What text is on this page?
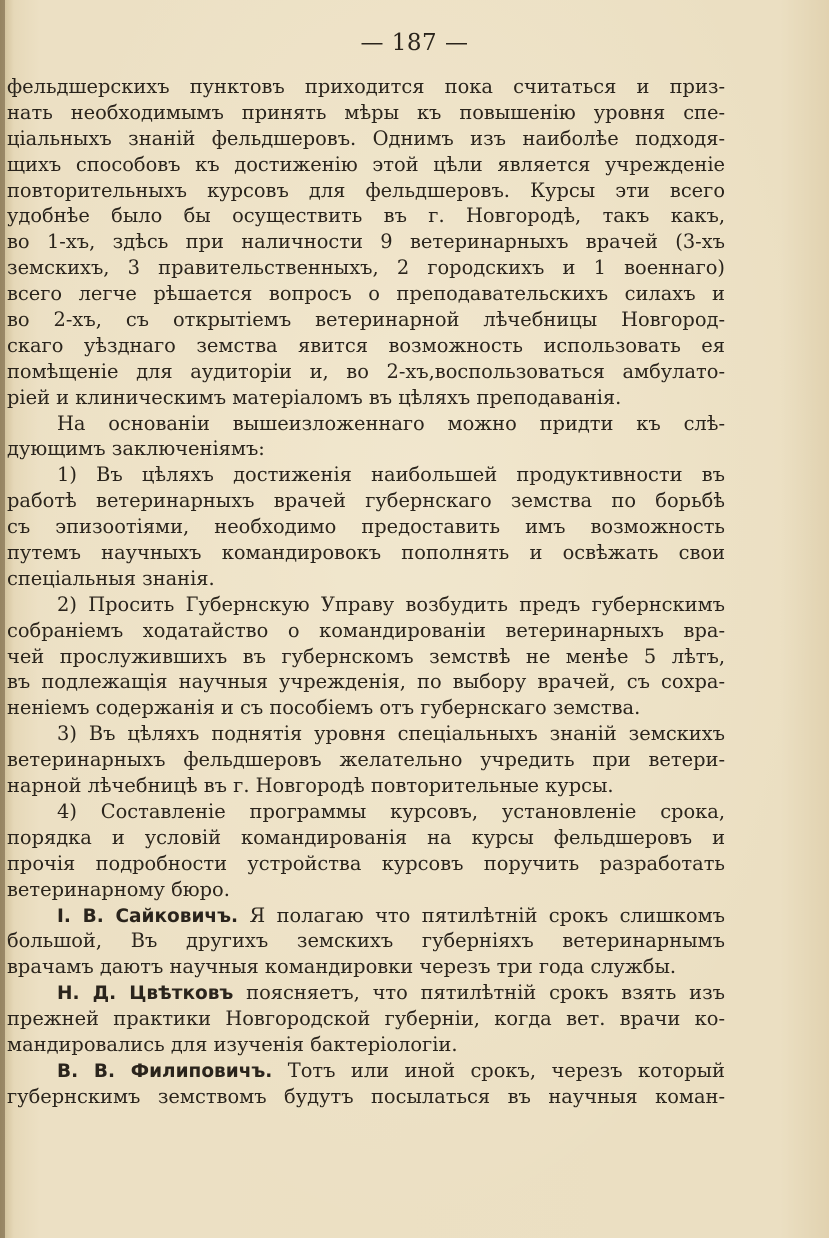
— 187 —
фельдшерскихъ пунктовъ приходится пока считаться и приз-
нать необходимымъ принять мѣры къ повышенію уровня спе-
ціальныхъ знаній фельдшеровъ. Однимъ изъ наиболѣе подходя-
щихъ способовъ къ достиженію этой цѣли является учрежденіе
повторительныхъ курсовъ для фельдшеровъ. Курсы эти всего
удобнѣе было бы осуществить въ г. Новгородѣ, такъ какъ,
во 1-хъ, здѣсь при наличности 9 ветеринарныхъ врачей (3-хъ
земскихъ, 3 правительственныхъ, 2 городскихъ и 1 военнаго)
всего легче рѣшается вопросъ о преподавательскихъ силахъ и
во 2-хъ, съ открытіемъ ветеринарной лѣчебницы Новгород-
скаго уѣзднаго земства явится возможность использовать ея
помѣщеніе для аудиторіи и, во 2-хъ,воспользоваться амбулато-
ріей и клиническимъ матеріаломъ въ цѣляхъ преподаванія.
На основаніи вышеизложеннаго можно придти къ слѣ-
дующимъ заключеніямъ:
1) Въ цѣляхъ достиженія наибольшей продуктивности въ
работѣ ветеринарныхъ врачей губернскаго земства по борьбѣ
съ эпизоотіями, необходимо предоставить имъ возможность
путемъ научныхъ командировокъ пополнять и освѣжать свои
спеціальныя знанія.
2) Просить Губернскую Управу возбудить предъ губернскимъ
собраніемъ ходатайство о командированіи ветеринарныхъ вра-
чей прослужившихъ въ губернскомъ земствѣ не менѣе 5 лѣтъ,
въ подлежащія научныя учрежденія, по выбору врачей, съ сохра-
неніемъ содержанія и съ пособіемъ отъ губернскаго земства.
3) Въ цѣляхъ поднятія уровня спеціальныхъ знаній земскихъ
ветеринарныхъ фельдшеровъ желательно учредить при ветери-
нарной лѣчебницѣ въ г. Новгородѣ повторительные курсы.
4) Составленіе программы курсовъ, установленіе срока,
порядка и условій командированія на курсы фельдшеровъ и
прочія подробности устройства курсовъ поручить разработать
ветеринарному бюро.
І. В. Сайковичъ. Я полагаю что пятилѣтній срокъ слишкомъ
большой, Въ другихъ земскихъ губерніяхъ ветеринарнымъ
врачамъ даютъ научныя командировки черезъ три года службы.
Н. Д. Цвѣтковъ поясняетъ, что пятилѣтній срокъ взять изъ
прежней практики Новгородской губерніи, когда вет. врачи ко-
мандировались для изученія бактеріологіи.
В. В. Филиповичъ. Тотъ или иной срокъ, черезъ который
губернскимъ земствомъ будутъ посылаться въ научныя коман-
